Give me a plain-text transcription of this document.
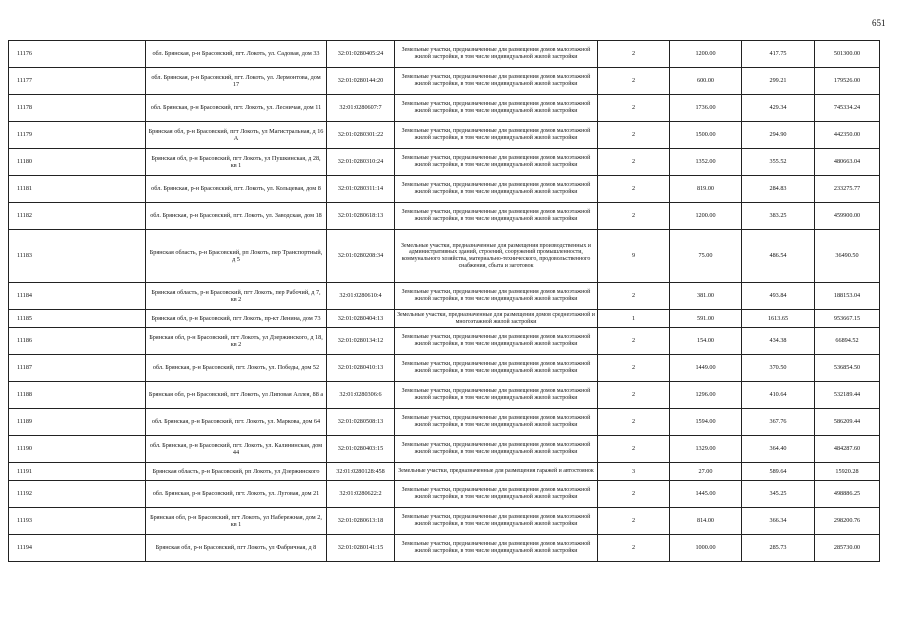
651
11176	обл. Брянская, р-н Брасовский, пгт. Локоть, ул. Садовая, дом 33	32:01:0280405:24	Земельные участки, предназначенные для размещения домов малоэтажной жилой застройки, в том числе индивидуальной жилой застройки	2	1200.00	417.75	501300.00
11177	обл. Брянская, р-н Брасовский, пгт. Локоть, ул. Лермонтова, дом 17	32:01:0280144:20	Земельные участки, предназначенные для размещения домов малоэтажной жилой застройки, в том числе индивидуальной жилой застройки	2	600.00	299.21	179526.00
11178	обл. Брянская, р-н Брасовский, пгт. Локоть, ул. Лесничая, дом 11	32:01:0280607:7	Земельные участки, предназначенные для размещения домов малоэтажной жилой застройки, в том числе индивидуальной жилой застройки	2	1736.00	429.34	745334.24
11179	Брянская обл, р-н Брасовский, пгт Локоть, ул Магистральная, д 16 А	32:01:0280301:22	Земельные участки, предназначенные для размещения домов малоэтажной жилой застройки, в том числе индивидуальной жилой застройки	2	1500.00	294.90	442350.00
11180	Брянская обл, р-н Брасовский, пгт Локоть, ул Пушкинская, д 28, кв 1	32:01:0280310:24	Земельные участки, предназначенные для размещения домов малоэтажной жилой застройки, в том числе индивидуальной жилой застройки	2	1352.00	355.52	480663.04
11181	обл. Брянская, р-н Брасовский, пгт. Локоть, ул. Кольцевая, дом 8	32:01:0280311:14	Земельные участки, предназначенные для размещения домов малоэтажной жилой застройки, в том числе индивидуальной жилой застройки	2	819.00	284.83	233275.77
11182	обл. Брянская, р-н Брасовский, пгт. Локоть, ул. Заводская, дом 18	32:01:0280618:13	Земельные участки, предназначенные для размещения домов малоэтажной жилой застройки, в том числе индивидуальной жилой застройки	2	1200.00	383.25	459900.00
11183	Брянская область, р-н Брасовский, рп Локоть, пер Транспортный, д 5	32:01:0280208:34	Земельные участки, предназначенные для размещения производственных и административных зданий, строений, сооружений промышленности, коммунального хозяйства, материально-технического, продовольственного снабжения, сбыта и заготовок	9	75.00	486.54	36490.50
11184	Брянская область, р-н Брасовский, пгт Локоть, пер Рабочий, д 7, кв 2	32:01:0280610:4	Земельные участки, предназначенные для размещения домов малоэтажной жилой застройки, в том числе индивидуальной жилой застройки	2	381.00	493.84	188153.04
11185	Брянская обл, р-н Брасовский, пгт Локоть, пр-кт Ленина, дом 73	32:01:0280404:13	Земельные участки, предназначенные для размещения домов среднеэтажной и многоэтажной жилой застройки	1	591.00	1613.65	953667.15
11186	Брянская обл, р-н Брасовский, пгт Локоть, ул Дзержинского, д 18, кв 2	32:01:0280134:12	Земельные участки, предназначенные для размещения домов малоэтажной жилой застройки, в том числе индивидуальной жилой застройки	2	154.00	434.38	66894.52
11187	обл. Брянская, р-н Брасовский, пгт. Локоть, ул. Победы, дом 52	32:01:0280410:13	Земельные участки, предназначенные для размещения домов малоэтажной жилой застройки, в том числе индивидуальной жилой застройки	2	1449.00	370.50	536854.50
11188	Брянская обл, р-н Брасовский, пгт Локоть, ул Липовая Аллея, 88 а	32:01:0280306:6	Земельные участки, предназначенные для размещения домов малоэтажной жилой застройки, в том числе индивидуальной жилой застройки	2	1296.00	410.64	532189.44
11189	обл. Брянская, р-н Брасовский, пгт. Локоть, ул. Маркова, дом 64	32:01:0280508:13	Земельные участки, предназначенные для размещения домов малоэтажной жилой застройки, в том числе индивидуальной жилой застройки	2	1594.00	367.76	586209.44
11190	обл. Брянская, р-н Брасовский, пгт. Локоть, ул. Калининская, дом 44	32:01:0280403:15	Земельные участки, предназначенные для размещения домов малоэтажной жилой застройки, в том числе индивидуальной жилой застройки	2	1329.00	364.40	484287.60
11191	Брянская область, р-н Брасовский, рп Локоть, ул Дзержинского	32:01:0280128:458	Земельные участки, предназначенные для размещения гаражей и автостоянок	3	27.00	589.64	15920.28
11192	обл. Брянская, р-н Брасовский, пгт. Локоть, ул. Луговая, дом 21	32:01:0280622:2	Земельные участки, предназначенные для размещения домов малоэтажной жилой застройки, в том числе индивидуальной жилой застройки	2	1445.00	345.25	498886.25
11193	Брянская обл, р-н Брасовский, пгт Локоть, ул Набережная, дом 2, кв 1	32:01:0280613:18	Земельные участки, предназначенные для размещения домов малоэтажной жилой застройки, в том числе индивидуальной жилой застройки	2	814.00	366.34	298200.76
11194	Брянская обл, р-н Брасовский, пгт Локоть, ул Фабричная, д 8	32:01:0280141:15	Земельные участки, предназначенные для размещения домов малоэтажной жилой застройки, в том числе индивидуальной жилой застройки	2	1000.00	285.73	285730.00
